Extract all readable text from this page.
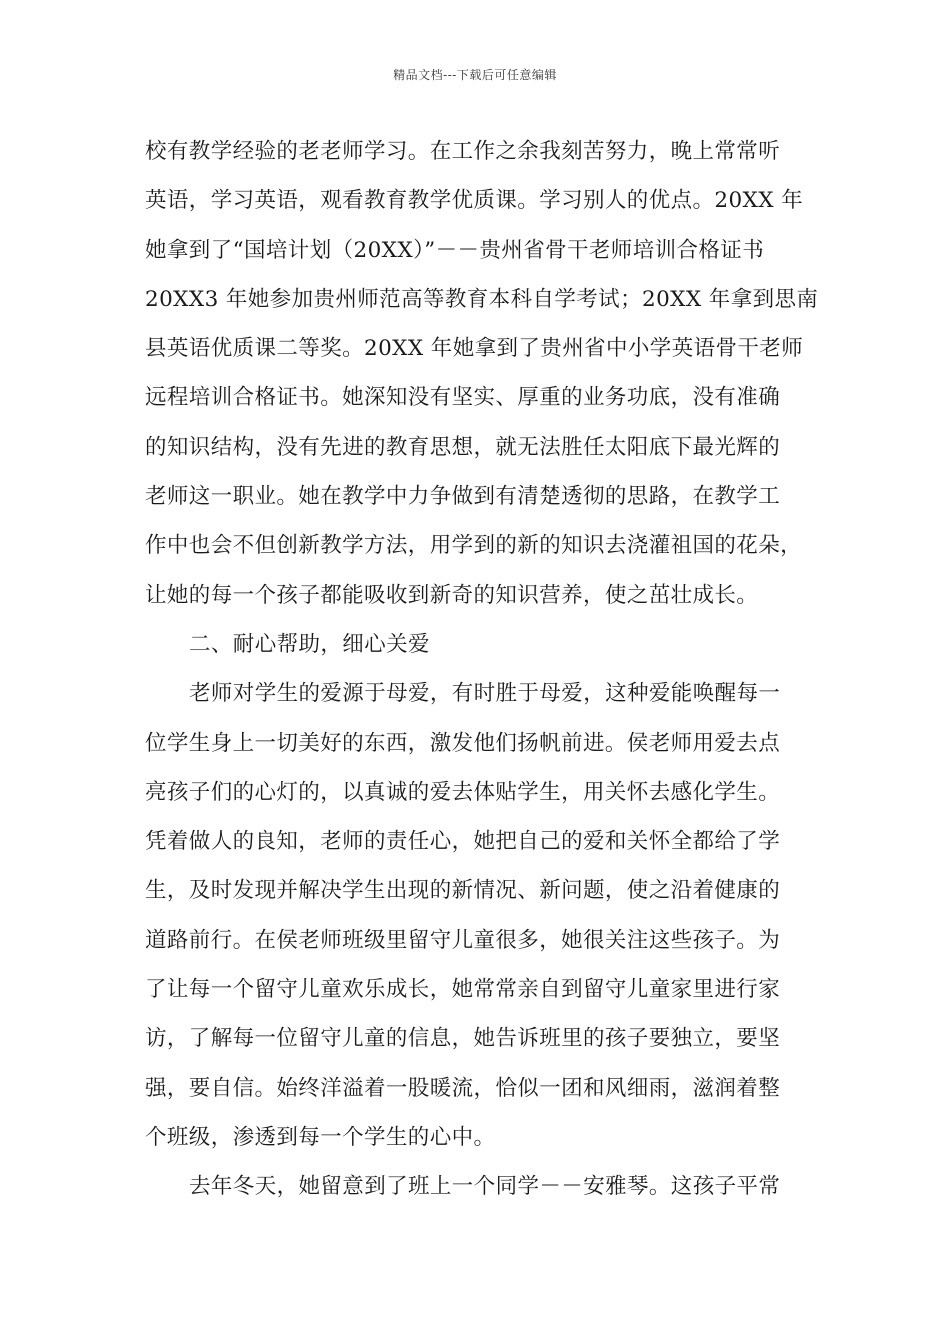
精品文档---下载后可任意编辑
校有教学经验的老老师学习。在工作之余我刻苦努力，晚上常常听
英语，学习英语，观看教育教学优质课。学习别人的优点。20XX 年
她拿到了“国培计划（20XX）”－－贵州省骨干老师培训合格证书
20XX3 年她参加贵州师范高等教育本科自学考试；20XX 年拿到思南
县英语优质课二等奖。20XX 年她拿到了贵州省中小学英语骨干老师
远程培训合格证书。她深知没有坚实、厚重的业务功底，没有准确
的知识结构，没有先进的教育思想，就无法胜任太阳底下最光辉的
老师这一职业。她在教学中力争做到有清楚透彻的思路，在教学工
作中也会不但创新教学方法，用学到的新的知识去浇灌祖国的花朵，
让她的每一个孩子都能吸收到新奇的知识营养，使之茁壮成长。
二、耐心帮助，细心关爱
老师对学生的爱源于母爱，有时胜于母爱，这种爱能唤醒每一
位学生身上一切美好的东西，激发他们扬帆前进。侯老师用爱去点
亮孩子们的心灯的，以真诚的爱去体贴学生，用关怀去感化学生。
凭着做人的良知，老师的责任心，她把自己的爱和关怀全都给了学
生，及时发现并解决学生出现的新情况、新问题，使之沿着健康的
道路前行。在侯老师班级里留守儿童很多，她很关注这些孩子。为
了让每一个留守儿童欢乐成长，她常常亲自到留守儿童家里进行家
访，了解每一位留守儿童的信息，她告诉班里的孩子要独立，要坚
强，要自信。始终洋溢着一股暖流，恰似一团和风细雨，滋润着整
个班级，渗透到每一个学生的心中。
去年冬天，她留意到了班上一个同学－－安雅琴。这孩子平常
